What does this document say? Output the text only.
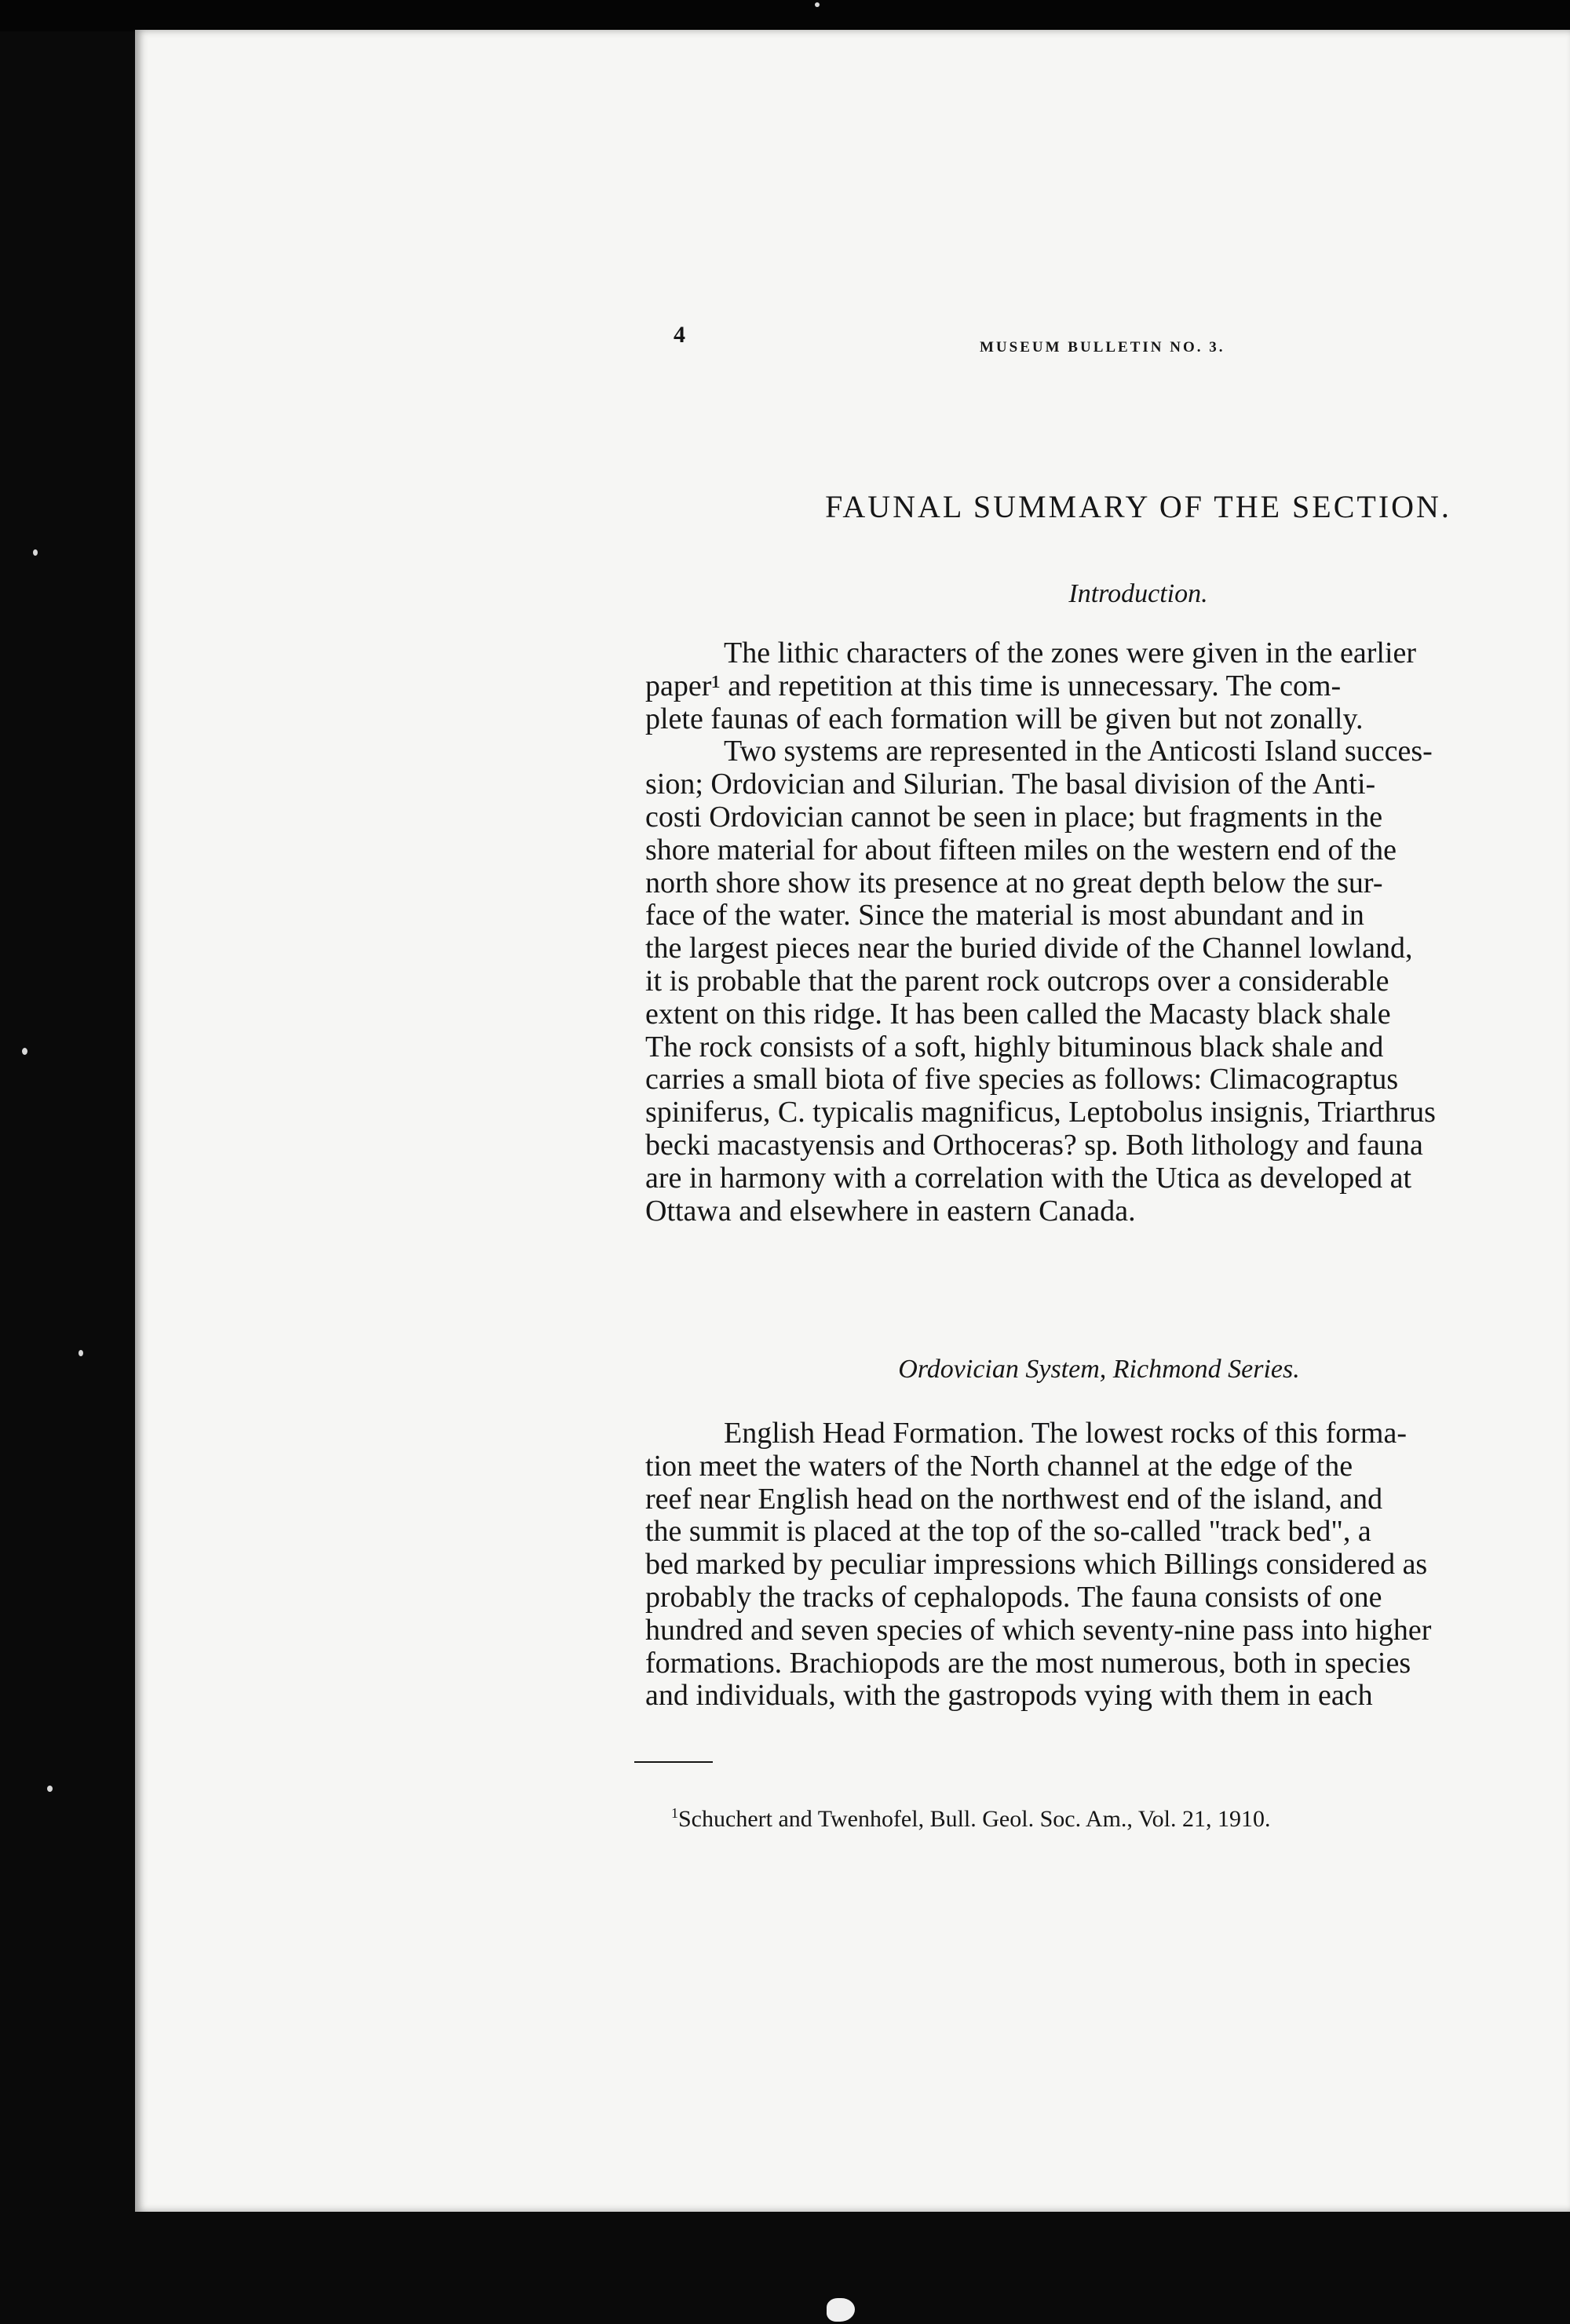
4	MUSEUM BULLETIN NO. 3.
FAUNAL SUMMARY OF THE SECTION.
Introduction.
The lithic characters of the zones were given in the earlier
paper¹ and repetition at this time is unnecessary. The com-
plete faunas of each formation will be given but not zonally.
Two systems are represented in the Anticosti Island succes-
sion; Ordovician and Silurian. The basal division of the Anti-
costi Ordovician cannot be seen in place; but fragments in the
shore material for about fifteen miles on the western end of the
north shore show its presence at no great depth below the sur-
face of the water. Since the material is most abundant and in
the largest pieces near the buried divide of the Channel lowland,
it is probable that the parent rock outcrops over a considerable
extent on this ridge. It has been called the Macasty black shale
The rock consists of a soft, highly bituminous black shale and
carries a small biota of five species as follows: Climacograptus
spiniferus, C. typicalis magnificus, Leptobolus insignis, Triarthrus
becki macastyensis and Orthoceras? sp. Both lithology and fauna
are in harmony with a correlation with the Utica as developed at
Ottawa and elsewhere in eastern Canada.
Ordovician System, Richmond Series.
English Head Formation. The lowest rocks of this forma-
tion meet the waters of the North channel at the edge of the
reef near English head on the northwest end of the island, and
the summit is placed at the top of the so-called "track bed", a
bed marked by peculiar impressions which Billings considered as
probably the tracks of cephalopods. The fauna consists of one
hundred and seven species of which seventy-nine pass into higher
formations. Brachiopods are the most numerous, both in species
and individuals, with the gastropods vying with them in each
$^1$Schuchert and Twenhofel, Bull. Geol. Soc. Am., Vol. 21, 1910.
